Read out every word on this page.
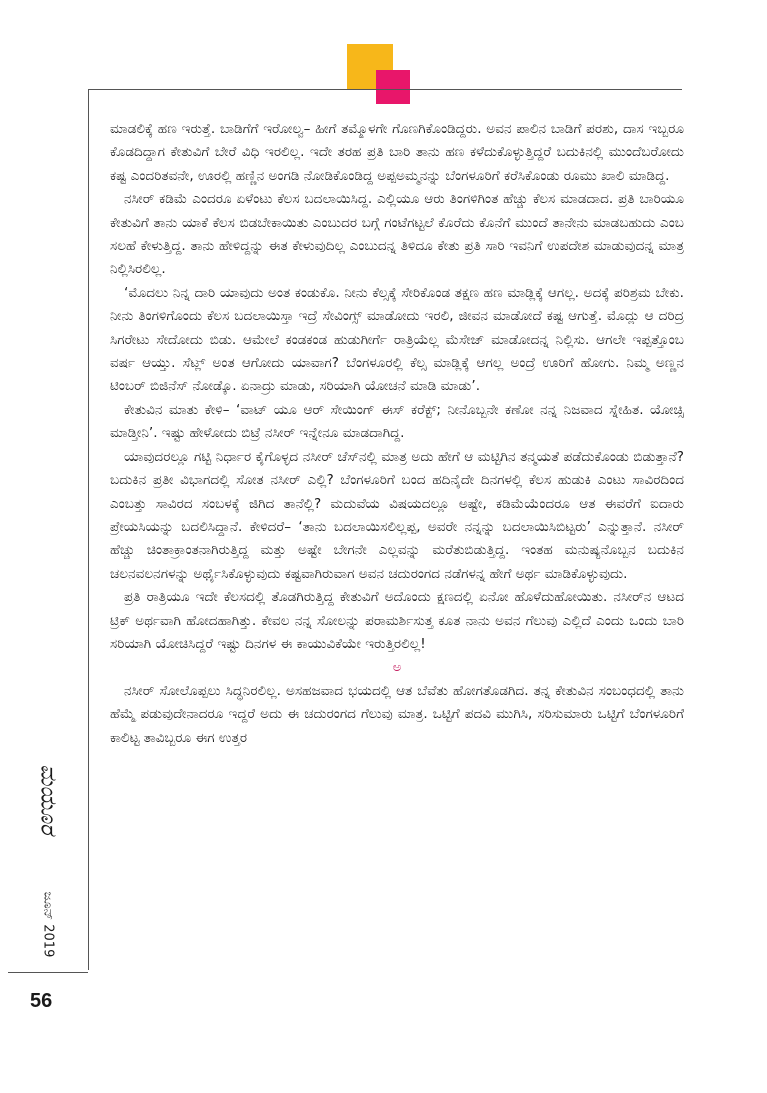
ಮಾಡಲಿಕ್ಕೆ ಹಣ ಇರುತ್ತೆ. ಬಾಡಿಗೆಗೆ ಇರೋಲ್ವ– ಹೀಗೆ ತಮ್ಮೊಳಗೇ ಗೊಣಗಿಕೊಂಡಿದ್ದರು. ಅವನ ಪಾಲಿನ ಬಾಡಿಗೆ ಪರಶು, ದಾಸ ಇಬ್ಬರೂ ಕೊಡದಿದ್ದಾಗ ಕೇತುವಿಗೆ ಬೇರೆ ವಿಧಿ ಇರಲಿಲ್ಲ. ಇದೇ ತರಹ ಪ್ರತಿ ಬಾರಿ ತಾನು ಹಣ ಕಳೆದುಕೊಳ್ಳುತ್ತಿದ್ದರೆ ಬದುಕಿನಲ್ಲಿ ಮುಂದೆಬರೋದು ಕಷ್ಟ ಎಂದರಿತವನೇ, ಊರಲ್ಲಿ ಹಣ್ಣಿನ ಅಂಗಡಿ ನೋಡಿಕೊಂಡಿದ್ದ ಅಪ್ಪಅಮ್ಮನನ್ನು ಬೆಂಗಳೂರಿಗೆ ಕರೆಸಿಕೊಂಡು ರೂಮು ಖಾಲಿ ಮಾಡಿದ್ದ.

ನಸೀರ್ ಕಡಿಮೆ ಎಂದರೂ ಏಳೆಂಟು ಕೆಲಸ ಬದಲಾಯಿಸಿದ್ದ. ಎಲ್ಲಿಯೂ ಆರು ತಿಂಗಳಿಗಿಂತ ಹೆಚ್ಚು ಕೆಲಸ ಮಾಡದಾದ. ಪ್ರತಿ ಬಾರಿಯೂ ಕೇತುವಿಗೆ ತಾನು ಯಾಕೆ ಕೆಲಸ ಬಿಡಬೇಕಾಯಿತು ಎಂಬುದರ ಬಗ್ಗೆ ಗಂಟೆಗಟ್ಟಲೆ ಕೊರೆದು ಕೊನೆಗೆ ಮುಂದೆ ತಾನೇನು ಮಾಡಬಹುದು ಎಂಬ ಸಲಹೆ ಕೇಳುತ್ತಿದ್ದ. ತಾನು ಹೇಳಿದ್ದನ್ನು ಈತ ಕೇಳುವುದಿಲ್ಲ ಎಂಬುದನ್ನ ತಿಳಿದೂ ಕೇತು ಪ್ರತಿ ಸಾರಿ ಇವನಿಗೆ ಉಪದೇಶ ಮಾಡುವುದನ್ನ ಮಾತ್ರ ನಿಲ್ಲಿಸಿರಲಿಲ್ಲ.

‘ಮೊದಲು ನಿನ್ನ ದಾರಿ ಯಾವುದು ಅಂತ ಕಂಡುಕೊ. ನೀನು ಕೆಲ್ಸಕ್ಕೆ ಸೇರಿಕೊಂಡ ತಕ್ಷಣ ಹಣ ಮಾಡ್ಲಿಕ್ಕೆ ಆಗಲ್ಲ. ಅದಕ್ಕೆ ಪರಿಶ್ರಮ ಬೇಕು. ನೀನು ತಿಂಗಳಿಗೊಂದು ಕೆಲಸ ಬದಲಾಯಿಸ್ತಾ ಇದ್ರೆ ಸೇವಿಂಗ್ಸ್ ಮಾಡೋದು ಇರಲಿ, ಜೀವನ ಮಾಡೋದೆ ಕಷ್ಟ ಆಗುತ್ತೆ. ಮೊದ್ಲು ಆ ದರಿದ್ರ ಸಿಗರೇಟು ಸೇದೋದು ಬಿಡು. ಆಮೇಲೆ ಕಂಡಕಂಡ ಹುಡುಗೀರ್ಗೆ ರಾತ್ರಿಯೆಲ್ಲ ಮೆಸೇಜ್ ಮಾಡೋದನ್ನ ನಿಲ್ಲಿಸು. ಆಗಲೇ ಇಪ್ಪತ್ತೊಂಬ ವರ್ಷ ಆಯ್ತು. ಸೆಟ್ಲ್ ಅಂತ ಆಗೋದು ಯಾವಾಗ? ಬೆಂಗಳೂರಲ್ಲಿ ಕೆಲ್ಸ ಮಾಡ್ಲಿಕ್ಕೆ ಆಗಲ್ಲ ಅಂದ್ರೆ ಊರಿಗೆ ಹೋಗು. ನಿಮ್ಮ ಅಣ್ಣನ ಟಿಂಬರ್ ಬಿಜಿನೆಸ್ ನೋಡ್ಕೊ. ಏನಾದ್ರು ಮಾಡು, ಸರಿಯಾಗಿ ಯೋಚನೆ ಮಾಡಿ ಮಾಡು’.

ಕೇತುವಿನ ಮಾತು ಕೇಳಿ– ‘ವಾಟ್ ಯೂ ಆರ್ ಸೇಯಿಂಗ್ ಈಸ್ ಕರೆಕ್ಟ್; ನೀನೊಬ್ಬನೇ ಕಣೋ ನನ್ನ ನಿಜವಾದ ಸ್ನೇಹಿತ. ಯೋಚ್ಸಿ ಮಾಡ್ತೀನಿ’. ಇಷ್ಟು ಹೇಳೋದು ಬಿಟ್ರೆ ನಸೀರ್ ಇನ್ನೇನೂ ಮಾಡದಾಗಿದ್ದ.

ಯಾವುದರಲ್ಲೂ ಗಟ್ಟಿ ನಿರ್ಧಾರ ಕೈಗೊಳ್ಳದ ನಸೀರ್ ಚೆಸ್‌ನಲ್ಲಿ ಮಾತ್ರ ಅದು ಹೇಗೆ ಆ ಮಟ್ಟಿಗಿನ ತನ್ಮಯತೆ ಪಡೆದುಕೊಂಡು ಬಿಡುತ್ತಾನೆ? ಬದುಕಿನ ಪ್ರತೀ ವಿಭಾಗದಲ್ಲಿ ಸೋತ ನಸೀರ್ ಎಲ್ಲಿ? ಬೆಂಗಳೂರಿಗೆ ಬಂದ ಹದಿನೈದೇ ದಿನಗಳಲ್ಲಿ ಕೆಲಸ ಹುಡುಕಿ ಎಂಟು ಸಾವಿರದಿಂದ ಎಂಬತ್ತು ಸಾವಿರದ ಸಂಬಳಕ್ಕೆ ಜಿಗಿದ ತಾನೆಲ್ಲಿ? ಮದುವೆಯ ವಿಷಯದಲ್ಲೂ ಅಷ್ಟೇ, ಕಡಿಮೆಯೆಂದರೂ ಆತ ಈವರೆಗೆ ಐದಾರು ಪ್ರೇಯಸಿಯನ್ನು ಬದಲಿಸಿದ್ದಾನೆ. ಕೇಳಿದರೆ– ‘ತಾನು ಬದಲಾಯಿಸಲಿಲ್ಲಪ್ಪ, ಅವರೇ ನನ್ನನ್ನು ಬದಲಾಯಿಸಿಬಿಟ್ಟರು’ ಎನ್ನುತ್ತಾನೆ. ನಸೀರ್ ಹೆಚ್ಚು ಚಿಂತಾಕ್ರಾಂತನಾಗಿರುತ್ತಿದ್ದ ಮತ್ತು ಅಷ್ಟೇ ಬೇಗನೇ ಎಲ್ಲವನ್ನು ಮರೆತುಬಿಡುತ್ತಿದ್ದ. ಇಂತಹ ಮನುಷ್ಯನೊಬ್ಬನ ಬದುಕಿನ ಚಲನವಲನಗಳನ್ನು ಅರ್ಥೈಸಿಕೊಳ್ಳುವುದು ಕಷ್ಟವಾಗಿರುವಾಗ ಅವನ ಚದುರಂಗದ ನಡೆಗಳನ್ನ ಹೇಗೆ ಅರ್ಥ ಮಾಡಿಕೊಳ್ಳುವುದು.

ಪ್ರತಿ ರಾತ್ರಿಯೂ ಇದೇ ಕೆಲಸದಲ್ಲಿ ತೊಡಗಿರುತ್ತಿದ್ದ ಕೇತುವಿಗೆ ಅದೊಂದು ಕ್ಷಣದಲ್ಲಿ ಏನೋ ಹೊಳೆದುಹೋಯಿತು. ನಸೀರ್‌ನ ಆಟದ ಟ್ರಿಕ್ ಅರ್ಥವಾಗಿ ಹೋದಹಾಗಿತ್ತು. ಕೇವಲ ನನ್ನ ಸೋಲನ್ನು ಪರಾಮರ್ಶಿಸುತ್ತ ಕೂತ ನಾನು ಅವನ ಗೆಲುವು ಎಲ್ಲಿದೆ ಎಂದು ಒಂದು ಬಾರಿ ಸರಿಯಾಗಿ ಯೋಚಿಸಿದ್ದರೆ ಇಷ್ಟು ದಿನಗಳ ಈ ಕಾಯುವಿಕೆಯೇ ಇರುತ್ತಿರಲಿಲ್ಲ!

ಅ

ನಸೀರ್ ಸೋಲೊಪ್ಪಲು ಸಿದ್ಧನಿರಲಿಲ್ಲ. ಅಸಹಜವಾದ ಭಯದಲ್ಲಿ ಆತ ಬೆವೆತು ಹೋಗತೊಡಗಿದ. ತನ್ನ ಕೇತುವಿನ ಸಂಬಂಧದಲ್ಲಿ ತಾನು ಹೆಮ್ಮೆ ಪಡುವುದೇನಾದರೂ ಇದ್ದರೆ ಅದು ಈ ಚದುರಂಗದ ಗೆಲುವು ಮಾತ್ರ. ಒಟ್ಟಿಗೆ ಪದವಿ ಮುಗಿಸಿ, ಸರಿಸುಮಾರು ಒಟ್ಟಿಗೆ ಬೆಂಗಳೂರಿಗೆ ಕಾಲಿಟ್ಟ ತಾವಿಬ್ಬರೂ ಈಗ ಉತ್ತರ

ಮಯೂರ
ಜೂನ್ 2019
56
